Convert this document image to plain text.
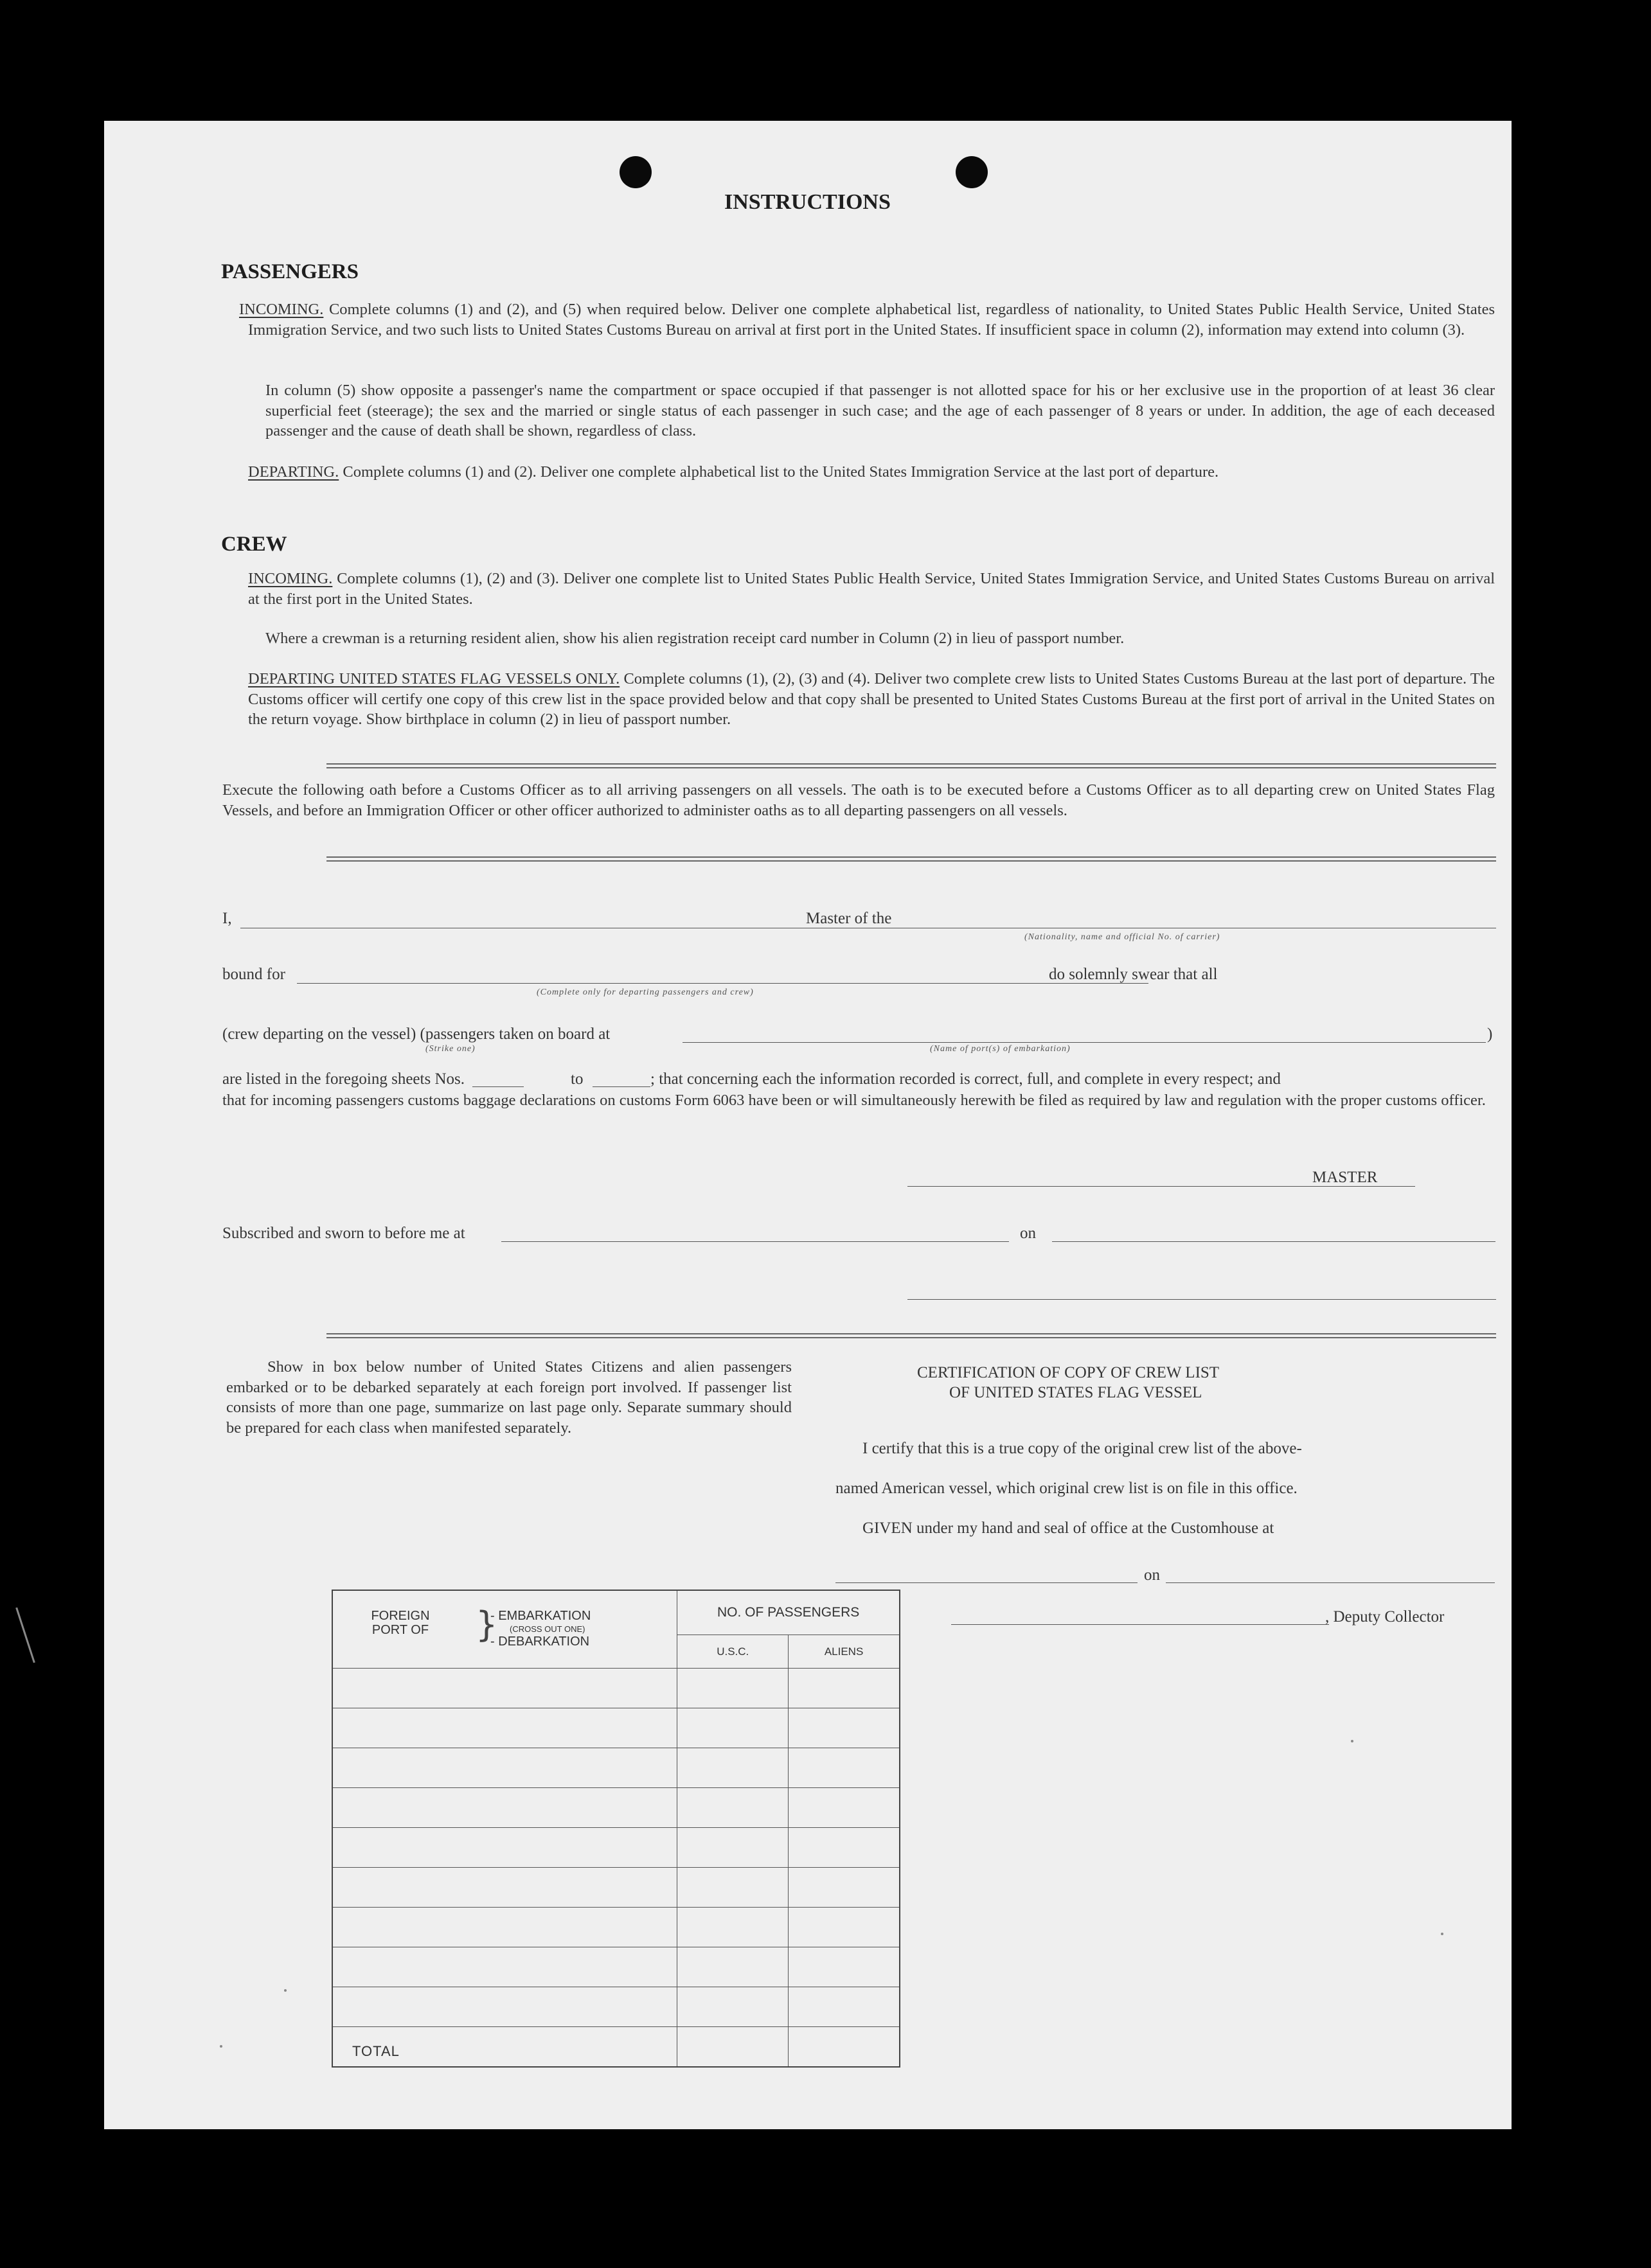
INSTRUCTIONS
PASSENGERS
INCOMING. Complete columns (1) and (2), and (5) when required below. Deliver one complete alphabetical list, regardless of nationality, to United States Public Health Service, United States Immigration Service, and two such lists to United States Customs Bureau on arrival at first port in the United States. If insufficient space in column (2), information may extend into column (3).
In column (5) show opposite a passenger's name the compartment or space occupied if that passenger is not allotted space for his or her exclusive use in the proportion of at least 36 clear superficial feet (steerage); the sex and the married or single status of each passenger in such case; and the age of each passenger of 8 years or under. In addition, the age of each deceased passenger and the cause of death shall be shown, regardless of class.
DEPARTING. Complete columns (1) and (2). Deliver one complete alphabetical list to the United States Immigration Service at the last port of departure.
CREW
INCOMING. Complete columns (1), (2) and (3). Deliver one complete list to United States Public Health Service, United States Immigration Service, and United States Customs Bureau on arrival at the first port in the United States.
Where a crewman is a returning resident alien, show his alien registration receipt card number in Column (2) in lieu of passport number.
DEPARTING UNITED STATES FLAG VESSELS ONLY. Complete columns (1), (2), (3) and (4). Deliver two complete crew lists to United States Customs Bureau at the last port of departure. The Customs officer will certify one copy of this crew list in the space provided below and that copy shall be presented to United States Customs Bureau at the first port of arrival in the United States on the return voyage. Show birthplace in column (2) in lieu of passport number.
Execute the following oath before a Customs Officer as to all arriving passengers on all vessels. The oath is to be executed before a Customs Officer as to all departing crew on United States Flag Vessels, and before an Immigration Officer or other officer authorized to administer oaths as to all departing passengers on all vessels.
I,	Master of the
(Nationality, name and official No. of carrier)
bound for
(Complete only for departing passengers and crew)
do solemnly swear that all
(crew departing on the vessel) (passengers taken on board at	)
(Strike one)	(Name of port(s) of embarkation)
are listed in the foregoing sheets Nos.	to	; that concerning each the information recorded is correct, full, and complete in every respect; and
that for incoming passengers customs baggage declarations on customs Form 6063 have been or will simultaneously herewith be filed as required by law and regulation with the proper customs officer.
MASTER
Subscribed and sworn to before me at	on
Show in box below number of United States Citizens and alien passengers embarked or to be debarked separately at each foreign port involved. If passenger list consists of more than one page, summarize on last page only. Separate summary should be prepared for each class when manifested separately.
CERTIFICATION OF COPY OF CREW LIST
OF UNITED STATES FLAG VESSEL
I certify that this is a true copy of the original crew list of the above-
named American vessel, which original crew list is on file in this office.
GIVEN under my hand and seal of office at the Customhouse at
on
, Deputy Collector
FOREIGN PORT OF }
- EMBARKATION
(CROSS OUT ONE)
- DEBARKATION	NO. OF PASSENGERS	
	U.S.C.	ALIENS

TOTAL		
